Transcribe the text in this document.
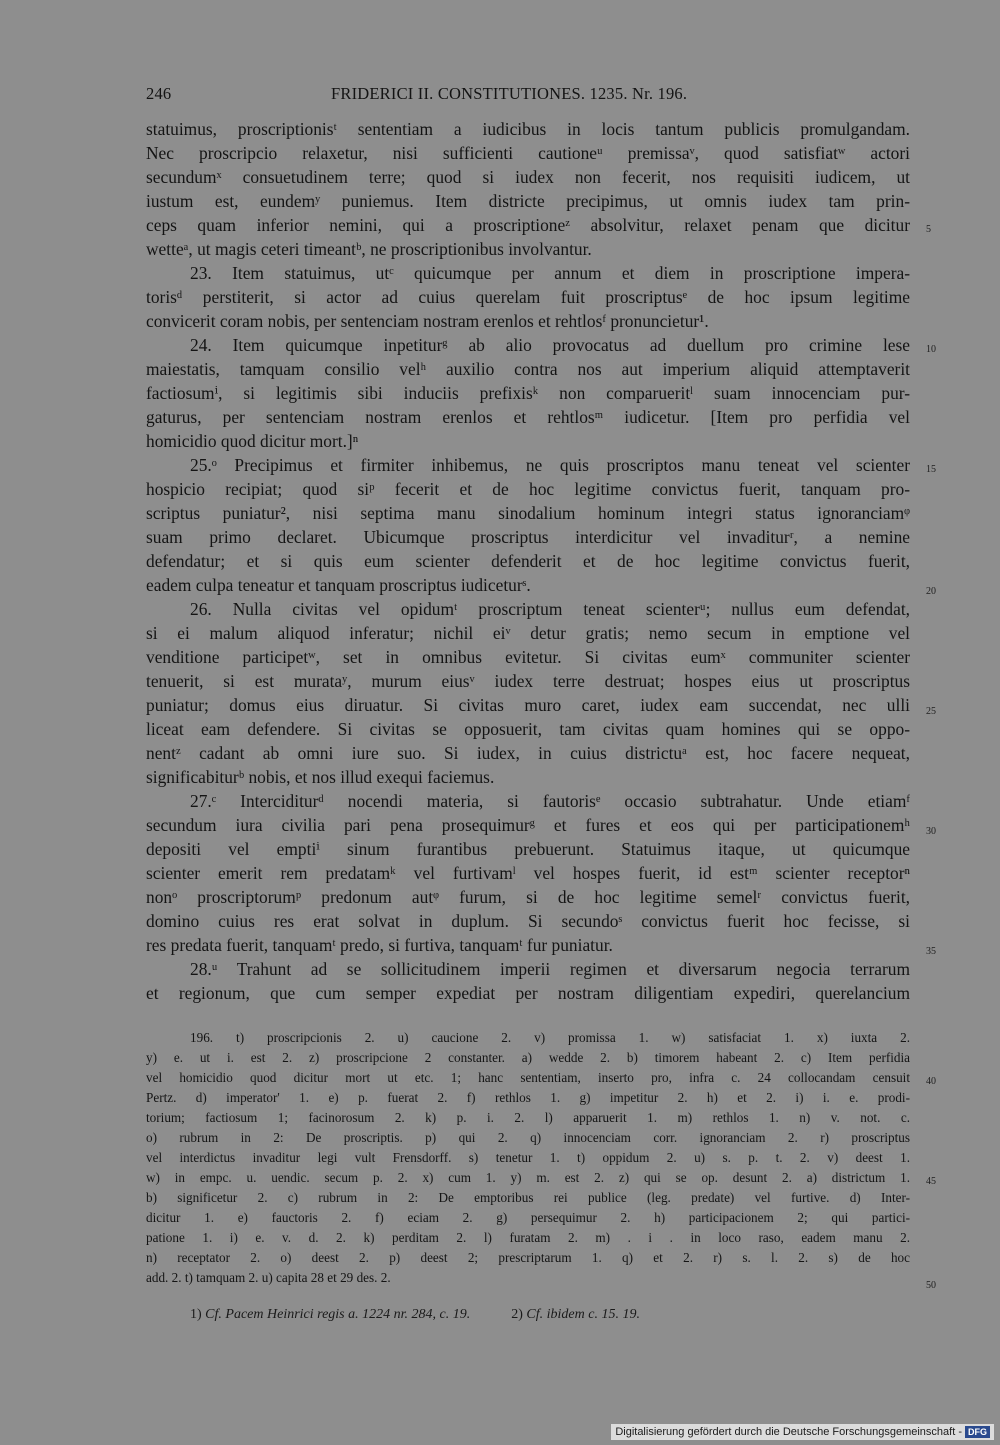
246	FRIDERICI II. CONSTITUTIONES. 1235. Nr. 196.
statuimus, proscriptionisᵗ sententiam a iudicibus in locis tantum publicis promulgandam.
Nec proscripcio relaxetur, nisi sufficienti cautioneᵘ premissaᵛ, quod satisfiatʷ actori
secundumˣ consuetudinem terre; quod si iudex non fecerit, nos requisiti iudicem, ut
iustum est, eundemʸ puniemus. Item districte precipimus, ut omnis iudex tam prin-
ceps quam inferior nemini, qui a proscriptioneᶻ absolvitur, relaxet penam que dicitur
wetteᵃ, ut magis ceteri timeantᵇ, ne proscriptionibus involvantur.
23. Item statuimus, utᶜ quicumque per annum et diem in proscriptione impera-
torisᵈ perstiterit, si actor ad cuius querelam fuit proscriptusᵉ de hoc ipsum legitime
convicerit coram nobis, per sentenciam nostram erenlos et rehtlosᶠ pronuncietur¹.
24. Item quicumque inpetiturᵍ ab alio provocatus ad duellum pro crimine lese
maiestatis, tamquam consilio velʰ auxilio contra nos aut imperium aliquid attemptaverit
factiosumⁱ, si legitimis sibi induciis prefixisᵏ non comparueritˡ suam innocenciam pur-
gaturus, per sentenciam nostram erenlos et rehtlosᵐ iudicetur. [Item pro perfidia vel
homicidio quod dicitur mort.]ⁿ
25.ᵒ Precipimus et firmiter inhibemus, ne quis proscriptos manu teneat vel scienter
hospicio recipiat; quod siᵖ fecerit et de hoc legitime convictus fuerit, tanquam pro-
scriptus puniatur², nisi septima manu sinodalium hominum integri status ignoranciamᵠ
suam primo declaret. Ubicumque proscriptus interdicitur vel invaditurʳ, a nemine
defendatur; et si quis eum scienter defenderit et de hoc legitime convictus fuerit,
eadem culpa teneatur et tanquam proscriptus iudiceturˢ.
26. Nulla civitas vel opidumᵗ proscriptum teneat scienterᵘ; nullus eum defendat,
si ei malum aliquod inferatur; nichil eiᵛ detur gratis; nemo secum in emptione vel
venditione participetʷ, set in omnibus evitetur. Si civitas eumˣ communiter scienter
tenuerit, si est murataʸ, murum eiusᵛ iudex terre destruat; hospes eius ut proscriptus
puniatur; domus eius diruatur. Si civitas muro caret, iudex eam succendat, nec ulli
liceat eam defendere. Si civitas se opposuerit, tam civitas quam homines qui se oppo-
nentᶻ cadant ab omni iure suo. Si iudex, in cuius districtuᵃ est, hoc facere nequeat,
significabiturᵇ nobis, et nos illud exequi faciemus.
27.ᶜ Interciditurᵈ nocendi materia, si fautorisᵉ occasio subtrahatur. Unde etiamᶠ
secundum iura civilia pari pena prosequimurᵍ et fures et eos qui per participationemʰ
depositi vel emptiⁱ sinum furantibus prebuerunt. Statuimus itaque, ut quicumque
scienter emerit rem predatamᵏ vel furtivamˡ vel hospes fuerit, id estᵐ scienter receptorⁿ
nonᵒ proscriptorumᵖ predonum autᵠ furum, si de hoc legitime semelʳ convictus fuerit,
domino cuius res erat solvat in duplum. Si secundoˢ convictus fuerit hoc fecisse, si
res predata fuerit, tanquamᵗ predo, si furtiva, tanquamᵗ fur puniatur.
28.ᵘ Trahunt ad se sollicitudinem imperii regimen et diversarum negocia terrarum
et regionum, que cum semper expediat per nostram diligentiam expediri, querelancium
5
10
15
20
25
30
35
40
45
50
196. t) proscripcionis 2. u) caucione 2. v) promissa 1. w) satisfaciat 1. x) iuxta 2.
y) e. ut i. est 2. z) proscripcione 2 constanter. a) wedde 2. b) timorem habeant 2. c) Item perfidia
vel homicidio quod dicitur mort ut etc. 1; hanc sententiam, inserto pro, infra c. 24 collocandam censuit
Pertz. d) imperator' 1. e) p. fuerat 2. f) rethlos 1. g) impetitur 2. h) et 2. i) i. e. prodi-
torium; factiosum 1; facinorosum 2. k) p. i. 2. l) apparuerit 1. m) rethlos 1. n) v. not. c.
o) rubrum in 2: De proscriptis. p) qui 2. q) innocenciam corr. ignoranciam 2. r) proscriptus
vel interdictus invaditur legi vult Frensdorff. s) tenetur 1. t) oppidum 2. u) s. p. t. 2. v) deest 1.
w) in empc. u. uendic. secum p. 2. x) cum 1. y) m. est 2. z) qui se op. desunt 2. a) districtum 1.
b) significetur 2. c) rubrum in 2: De emptoribus rei publice (leg. predate) vel furtive. d) Inter-
dicitur 1. e) fauctoris 2. f) eciam 2. g) persequimur 2. h) participacionem 2; qui partici-
patione 1. i) e. v. d. 2. k) perditam 2. l) furatam 2. m) . i . in loco raso, eadem manu 2.
n) receptator 2. o) deest 2. p) deest 2; prescriptarum 1. q) et 2. r) s. l. 2. s) de hoc
add. 2. t) tamquam 2. u) capita 28 et 29 des. 2.
1) Cf. Pacem Heinrici regis a. 1224 nr. 284, c. 19.	2) Cf. ibidem c. 15. 19.
Digitalisierung gefördert durch die Deutsche Forschungsgemeinschaft - DFG
